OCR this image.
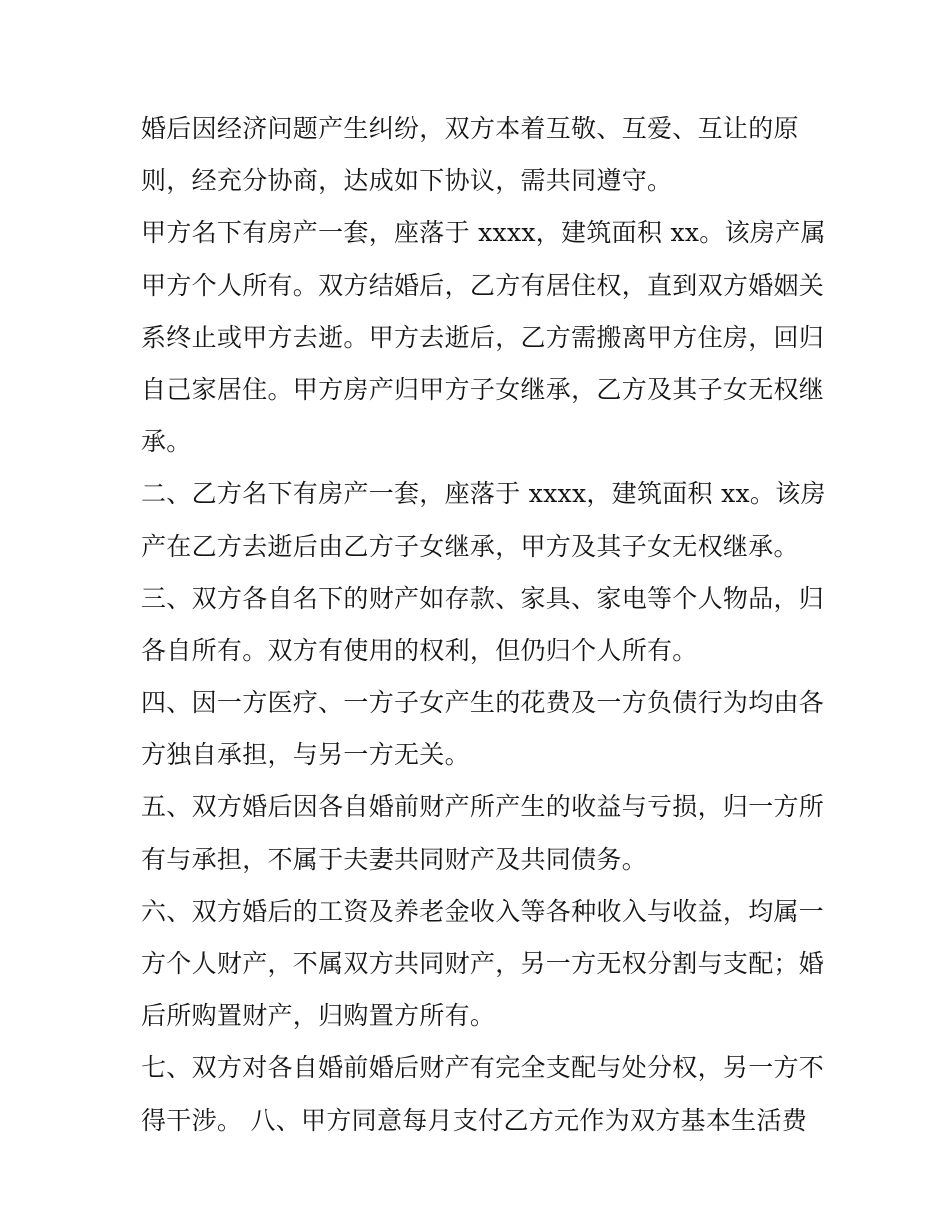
婚后因经济问题产生纠纷，双方本着互敬、互爱、互让的原
则，经充分协商，达成如下协议，需共同遵守。
甲方名下有房产一套，座落于 xxxx，建筑面积 xx。该房产属
甲方个人所有。双方结婚后，乙方有居住权，直到双方婚姻关
系终止或甲方去逝。甲方去逝后，乙方需搬离甲方住房，回归
自己家居住。甲方房产归甲方子女继承，乙方及其子女无权继
承。
二、乙方名下有房产一套，座落于 xxxx，建筑面积 xx。该房
产在乙方去逝后由乙方子女继承，甲方及其子女无权继承。
三、双方各自名下的财产如存款、家具、家电等个人物品，归
各自所有。双方有使用的权利，但仍归个人所有。
四、因一方医疗、一方子女产生的花费及一方负债行为均由各
方独自承担，与另一方无关。
五、双方婚后因各自婚前财产所产生的收益与亏损，归一方所
有与承担，不属于夫妻共同财产及共同债务。
六、双方婚后的工资及养老金收入等各种收入与收益，均属一
方个人财产，不属双方共同财产，另一方无权分割与支配；婚
后所购置财产，归购置方所有。
七、双方对各自婚前婚后财产有完全支配与处分权，另一方不
得干涉。 八、甲方同意每月支付乙方元作为双方基本生活费
